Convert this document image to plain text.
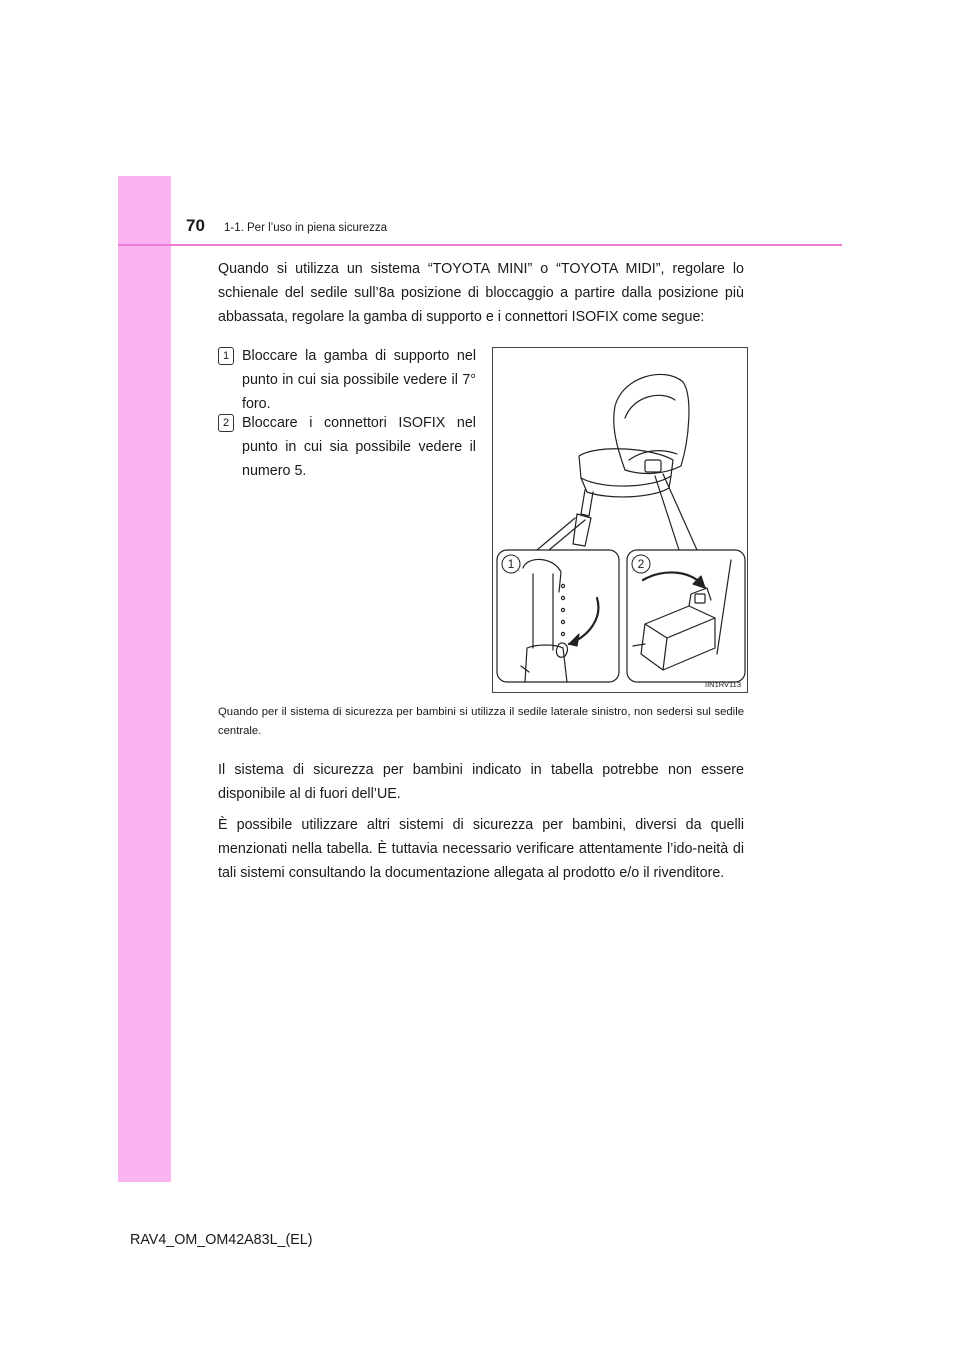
70 1-1. Per l’uso in piena sicurezza

Quando si utilizza un sistema “TOYOTA MINI” o “TOYOTA MIDI”, regolare lo schienale del sedile sull’8a posizione di bloccaggio a partire dalla posizione più abbassata, regolare la gamba di supporto e i connettori ISOFIX come segue:

1 Bloccare la gamba di supporto nel punto in cui sia possibile vedere il 7° foro.

2 Bloccare i connettori ISOFIX nel punto in cui sia possibile vedere il numero 5.

1	2
IIN1RV113

Quando per il sistema di sicurezza per bambini si utilizza il sedile laterale sinistro, non sedersi sul sedile centrale.

Il sistema di sicurezza per bambini indicato in tabella potrebbe non essere disponibile al di fuori dell’UE.

È possibile utilizzare altri sistemi di sicurezza per bambini, diversi da quelli menzionati nella tabella. È tuttavia necessario verificare attentamente l’ido-neità di tali sistemi consultando la documentazione allegata al prodotto e/o il rivenditore.

RAV4_OM_OM42A83L_(EL)
